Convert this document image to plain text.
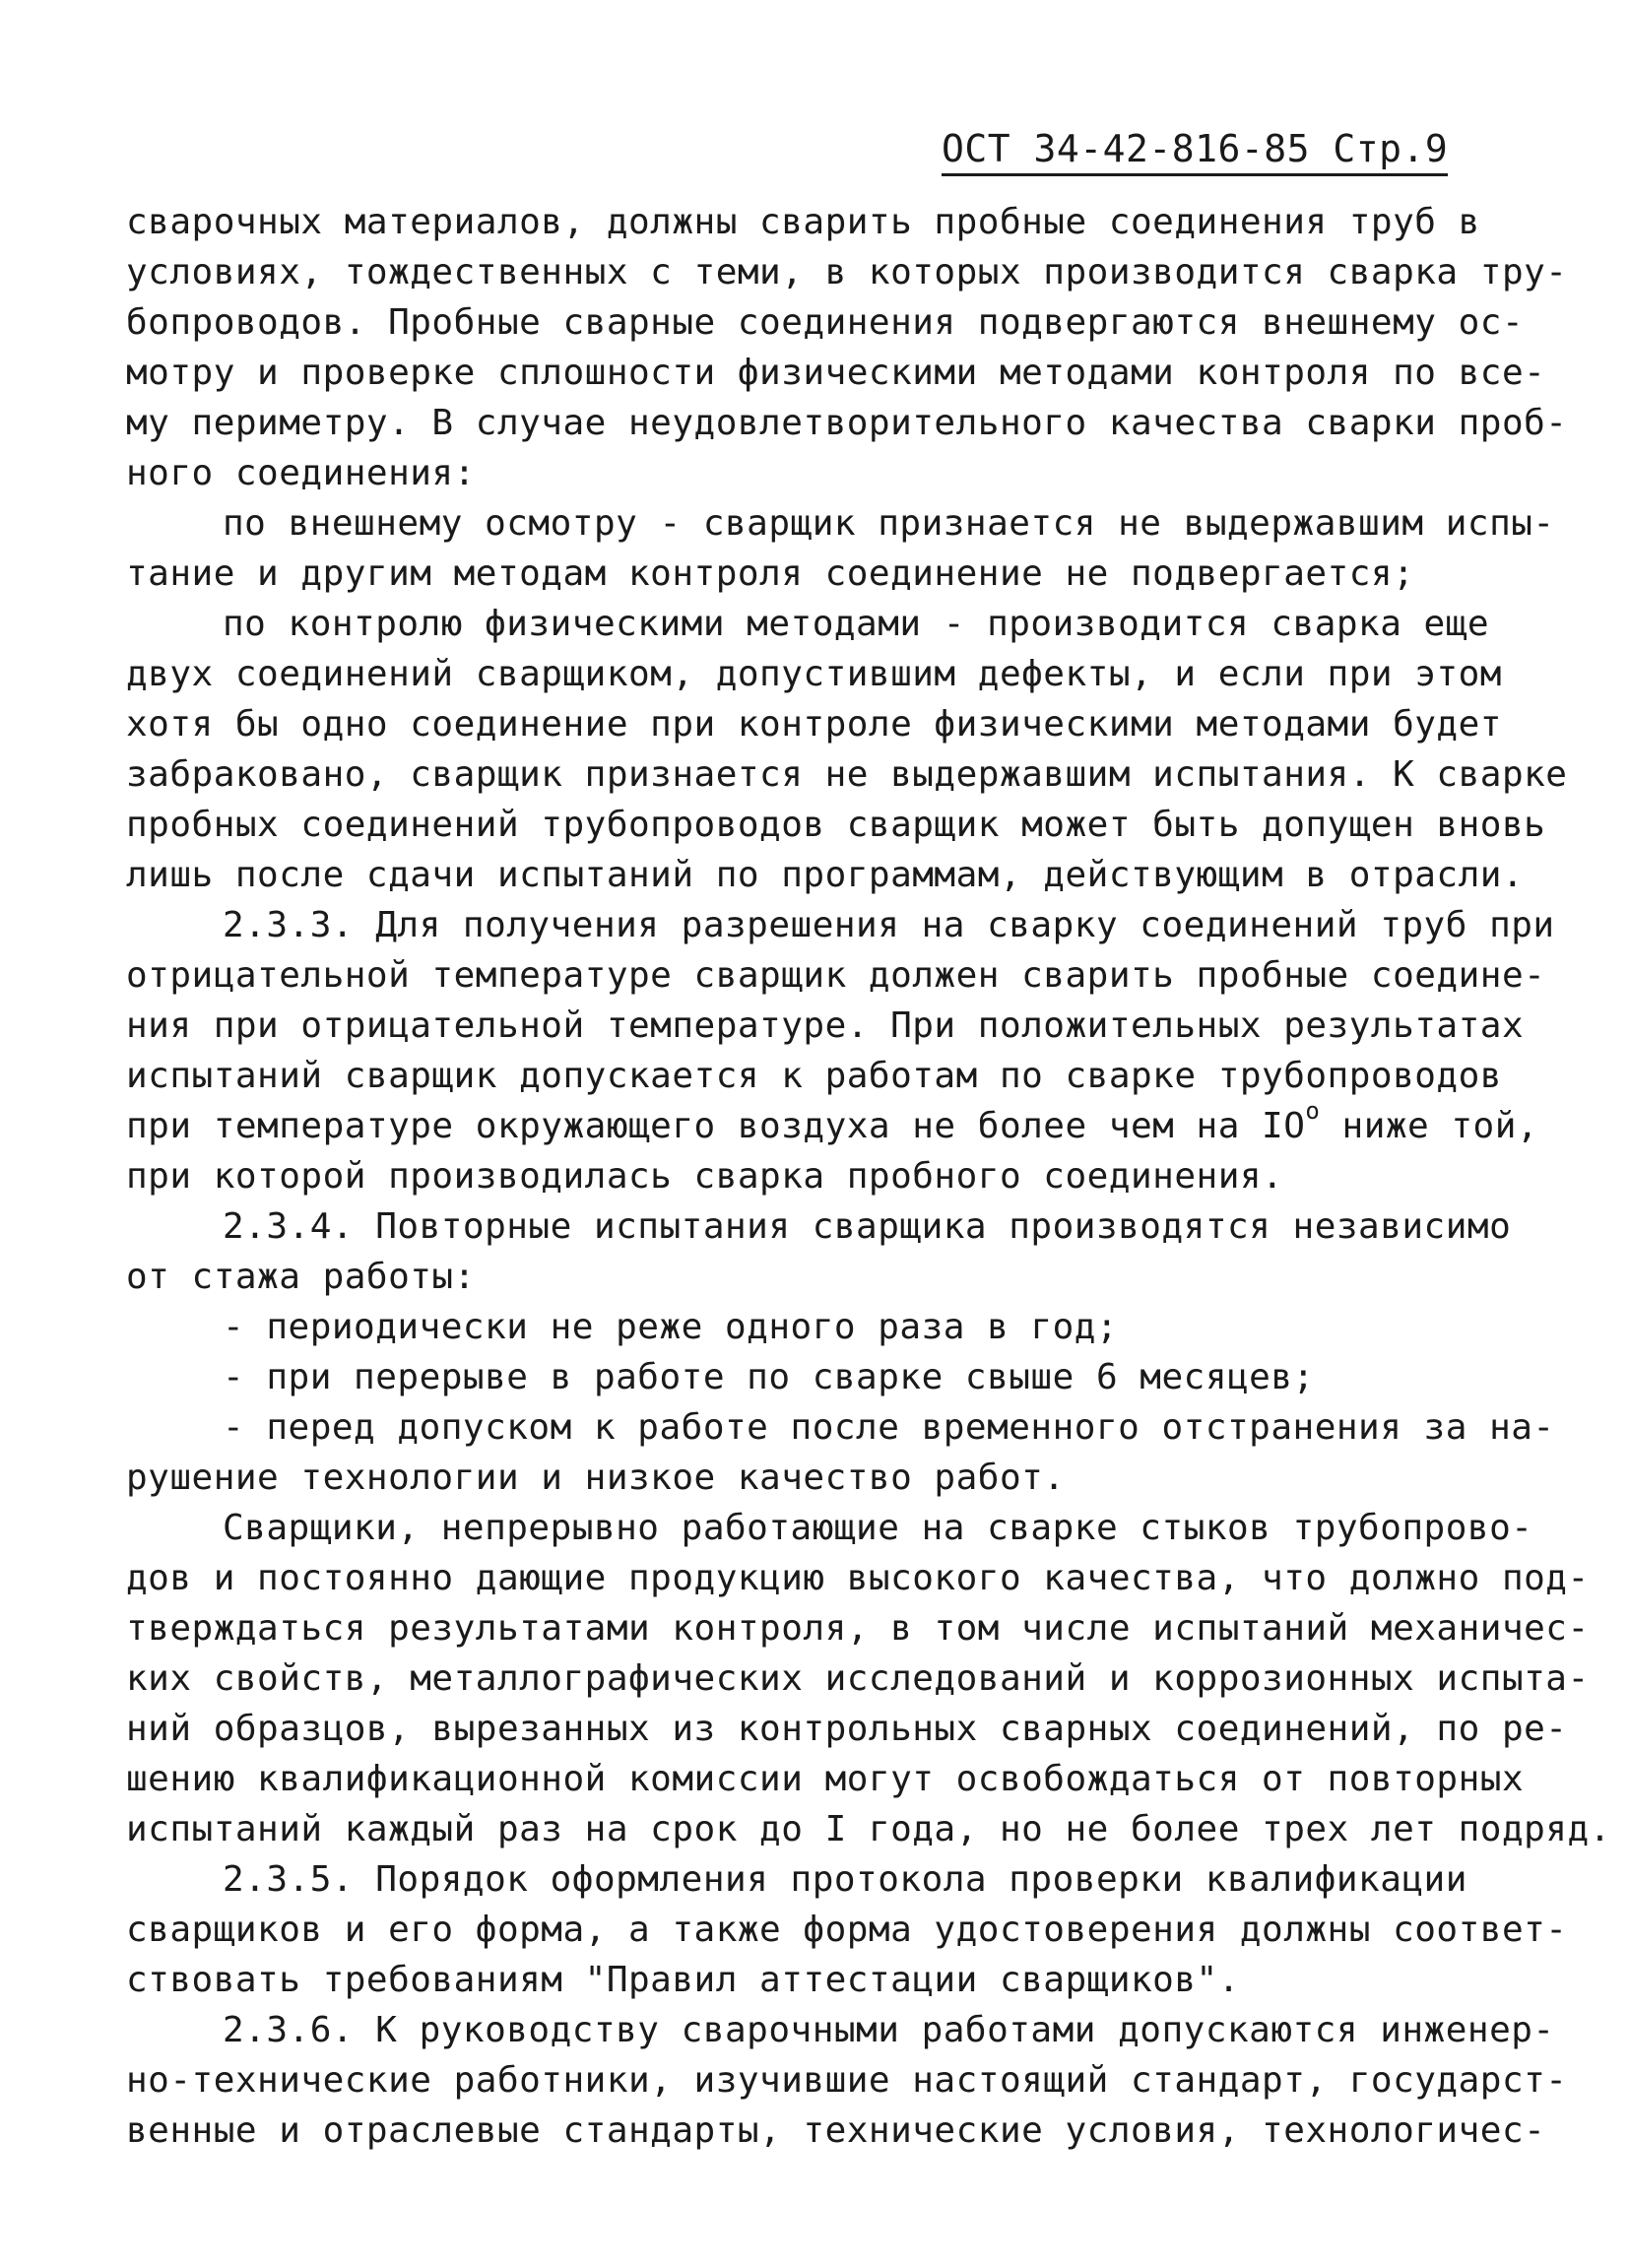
ОСТ 34-42-816-85 Стр.9
сварочных материалов, должны сварить пробные соединения труб в
условиях, тождественных с теми, в которых производится сварка тру-
бопроводов. Пробные сварные соединения подвергаются внешнему ос-
мотру и проверке сплошности физическими методами контроля по все-
му периметру. В случае неудовлетворительного качества сварки проб-
ного соединения:
по внешнему осмотру - сварщик признается не выдержавшим испы-
тание и другим методам контроля соединение не подвергается;
по контролю физическими методами - производится сварка еще
двух соединений сварщиком, допустившим дефекты, и если при этом
хотя бы одно соединение при контроле физическими методами будет
забраковано, сварщик признается не выдержавшим испытания. К сварке
пробных соединений трубопроводов сварщик может быть допущен вновь
лишь после сдачи испытаний по программам, действующим в отрасли.
2.3.3. Для получения разрешения на сварку соединений труб при
отрицательной температуре сварщик должен сварить пробные соедине-
ния при отрицательной температуре. При положительных результатах
испытаний сварщик допускается к работам по сварке трубопроводов
при температуре окружающего воздуха не более чем на $IO^о$ ниже той,
при которой производилась сварка пробного соединения.
2.3.4. Повторные испытания сварщика производятся независимо
от стажа работы:
- периодически не реже одного раза в год;
- при перерыве в работе по сварке свыше 6 месяцев;
- перед допуском к работе после временного отстранения за на-
рушение технологии и низкое качество работ.
Сварщики, непрерывно работающие на сварке стыков трубопрово-
дов и постоянно дающие продукцию высокого качества, что должно под-
тверждаться результатами контроля, в том числе испытаний механичес-
ких свойств, металлографических исследований и коррозионных испыта-
ний образцов, вырезанных из контрольных сварных соединений, по ре-
шению квалификационной комиссии могут освобождаться от повторных
испытаний каждый раз на срок до I года, но не более трех лет подряд.
2.3.5. Порядок оформления протокола проверки квалификации
сварщиков и его форма, а также форма удостоверения должны соответ-
ствовать требованиям "Правил аттестации сварщиков".
2.3.6. К руководству сварочными работами допускаются инженер-
но-технические работники, изучившие настоящий стандарт, государст-
венные и отраслевые стандарты, технические условия, технологичес-
